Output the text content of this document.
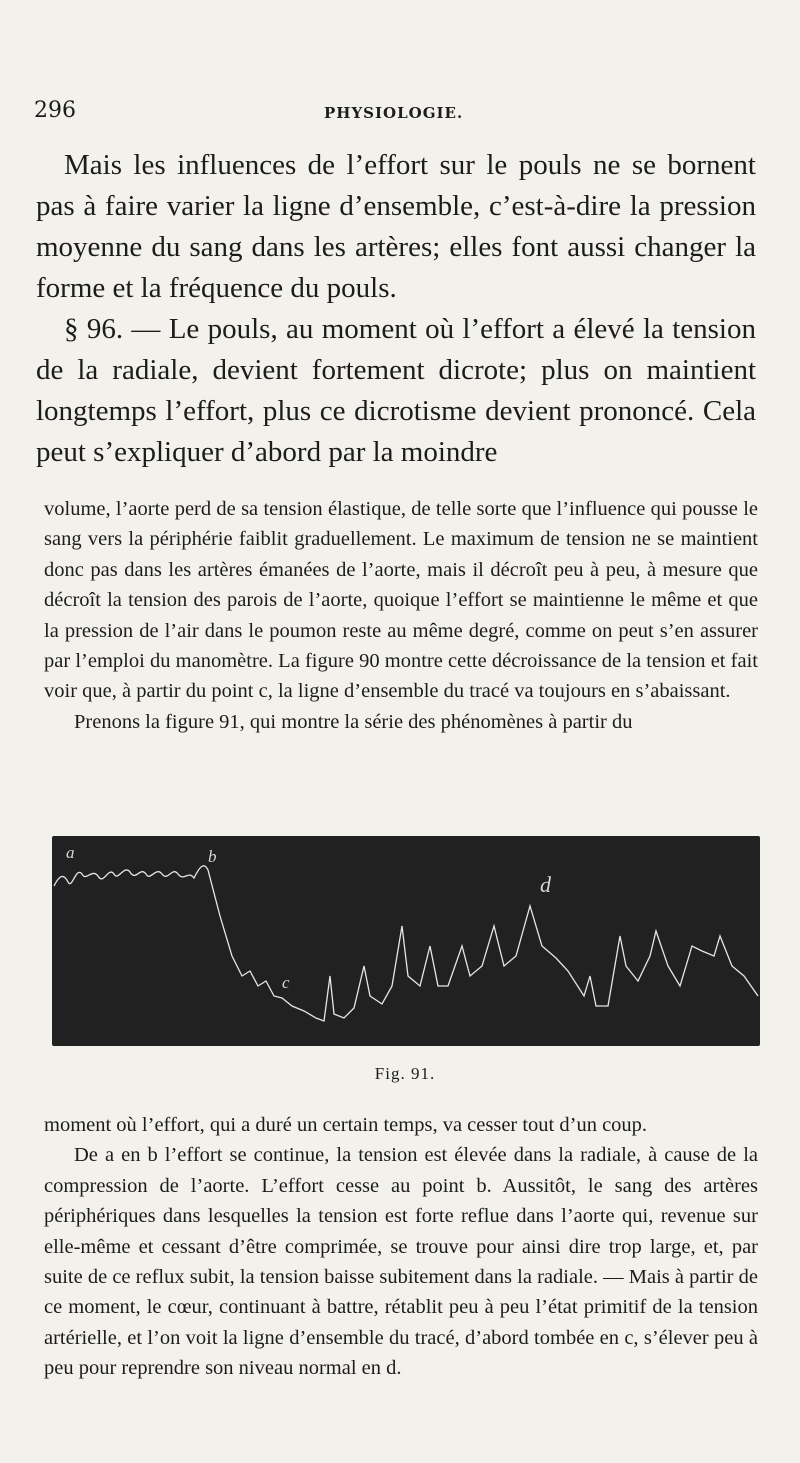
296	PHYSIOLOGIE.

Mais les influences de l’effort sur le pouls ne se bornent pas à faire varier la ligne d’ensemble, c’est-à-dire la pression moyenne du sang dans les artères; elles font aussi changer la forme et la fréquence du pouls.

§ 96. — Le pouls, au moment où l’effort a élevé la tension de la radiale, devient fortement dicrote; plus on maintient longtemps l’effort, plus ce dicrotisme devient prononcé. Cela peut s’expliquer d’abord par la moindre

volume, l’aorte perd de sa tension élastique, de telle sorte que l’influence qui pousse le sang vers la périphérie faiblit graduellement. Le maximum de tension ne se maintient donc pas dans les artères émanées de l’aorte, mais il décroît peu à peu, à mesure que décroît la tension des parois de l’aorte, quoique l’effort se maintienne le même et que la pression de l’air dans le poumon reste au même degré, comme on peut s’en assurer par l’emploi du manomètre. La figure 90 montre cette décroissance de la tension et fait voir que, à partir du point c, la ligne d’ensemble du tracé va toujours en s’abaissant.

Prenons la figure 91, qui montre la série des phénomènes à partir du

a	b
c
d
Fig. 91.

moment où l’effort, qui a duré un certain temps, va cesser tout d’un coup.

De a en b l’effort se continue, la tension est élevée dans la radiale, à cause de la compression de l’aorte. L’effort cesse au point b. Aussitôt, le sang des artères périphériques dans lesquelles la tension est forte reflue dans l’aorte qui, revenue sur elle-même et cessant d’être comprimée, se trouve pour ainsi dire trop large, et, par suite de ce reflux subit, la tension baisse subitement dans la radiale. — Mais à partir de ce moment, le cœur, continuant à battre, rétablit peu à peu l’état primitif de la tension artérielle, et l’on voit la ligne d’ensemble du tracé, d’abord tombée en c, s’élever peu à peu pour reprendre son niveau normal en d.
